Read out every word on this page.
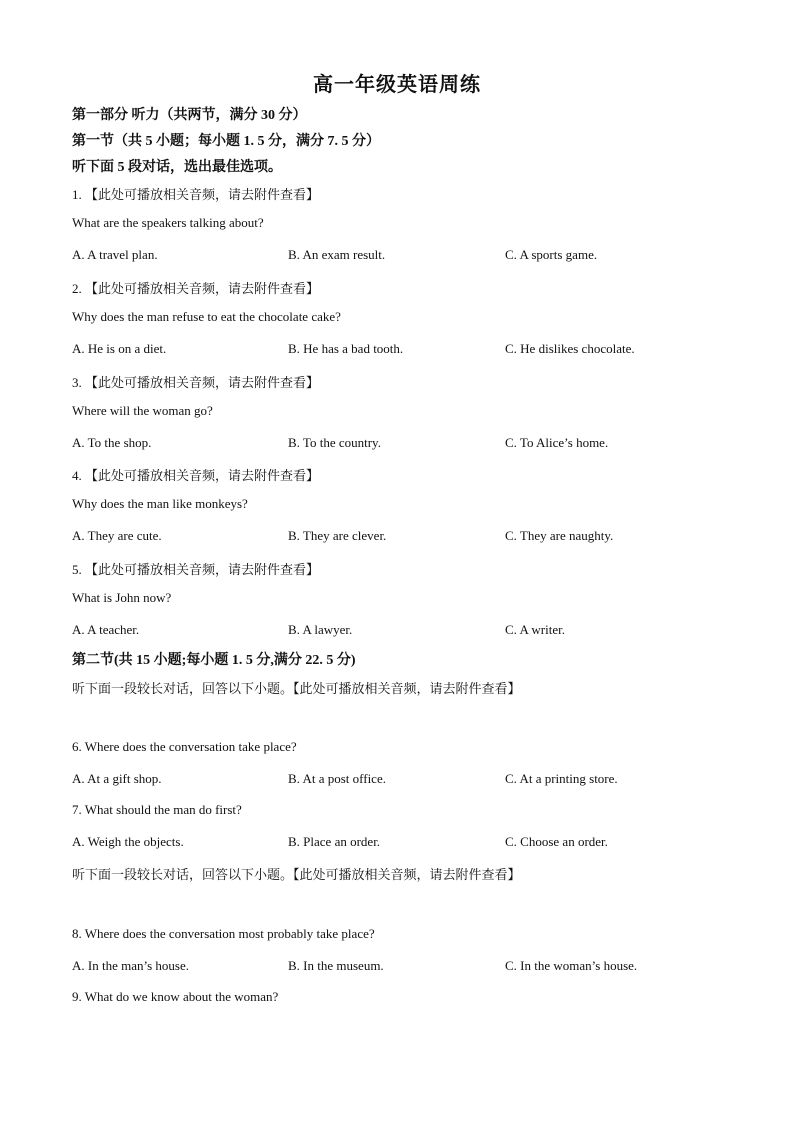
高一年级英语周练
第一部分 听力（共两节，满分 30 分）
第一节（共 5 小题；每小题 1. 5 分，满分 7. 5 分）
听下面 5 段对话，选出最佳选项。
1. 【此处可播放相关音频，请去附件查看】
What are the speakers talking about?
A. A travel plan.	B. An exam result.	C. A sports game.
2. 【此处可播放相关音频，请去附件查看】
Why does the man refuse to eat the chocolate cake?
A. He is on a diet.	B. He has a bad tooth.	C. He dislikes chocolate.
3. 【此处可播放相关音频，请去附件查看】
Where will the woman go?
A. To the shop.	B. To the country.	C. To Alice’s home.
4. 【此处可播放相关音频，请去附件查看】
Why does the man like monkeys?
A. They are cute.	B. They are clever.	C. They are naughty.
5. 【此处可播放相关音频，请去附件查看】
What is John now?
A. A teacher.	B. A lawyer.	C. A writer.
第二节(共 15 小题;每小题 1. 5 分,满分 22. 5 分)
听下面一段较长对话，回答以下小题。【此处可播放相关音频，请去附件查看】
6. Where does the conversation take place?
A. At a gift shop.	B. At a post office.	C. At a printing store.
7. What should the man do first?
A. Weigh the objects.	B. Place an order.	C. Choose an order.
听下面一段较长对话，回答以下小题。【此处可播放相关音频，请去附件查看】
8. Where does the conversation most probably take place?
A. In the man’s house.	B. In the museum.	C. In the woman’s house.
9. What do we know about the woman?
